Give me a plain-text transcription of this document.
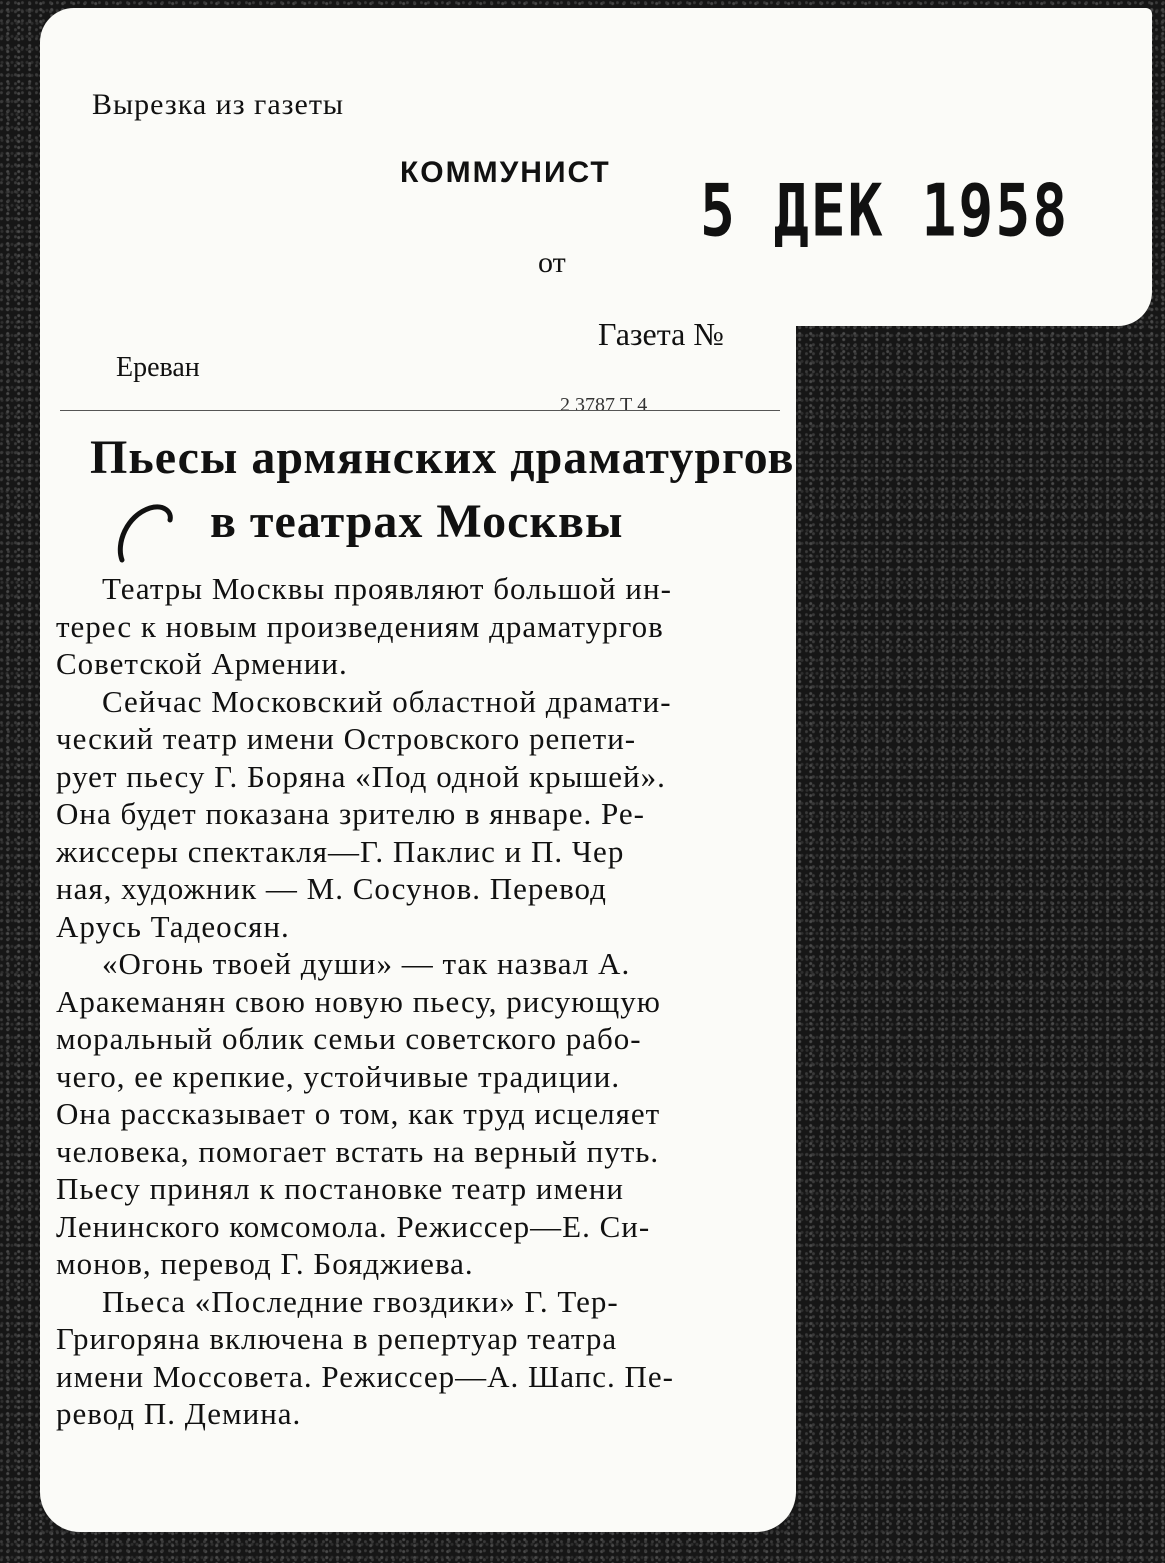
Вырезка из газеты
КОММУНИСТ
от
5 ДЕК 1958
Газета №
Ереван
2 3787 Т 4
Пьесы армянских драматургов
в театрах Москвы
Театры Москвы проявляют большой ин-
терес к новым произведениям драматургов
Советской Армении.
Сейчас Московский областной драмати-
ческий театр имени Островского репети-
рует пьесу Г. Боряна «Под одной крышей».
Она будет показана зрителю в январе. Ре-
жиссеры спектакля—Г. Паклис и П. Чер
ная, художник — М. Сосунов. Перевод
Арусь Тадеосян.
«Огонь твоей души» — так назвал А.
Аракеманян свою новую пьесу, рисующую
моральный облик семьи советского рабо-
чего, ее крепкие, устойчивые традиции.
Она рассказывает о том, как труд исцеляет
человека, помогает встать на верный путь.
Пьесу принял к постановке театр имени
Ленинского комсомола. Режиссер—Е. Си-
монов, перевод Г. Бояджиева.
Пьеса «Последние гвоздики» Г. Тер-
Григоряна включена в репертуар театра
имени Моссовета. Режиссер—А. Шапс. Пе-
ревод П. Демина.
